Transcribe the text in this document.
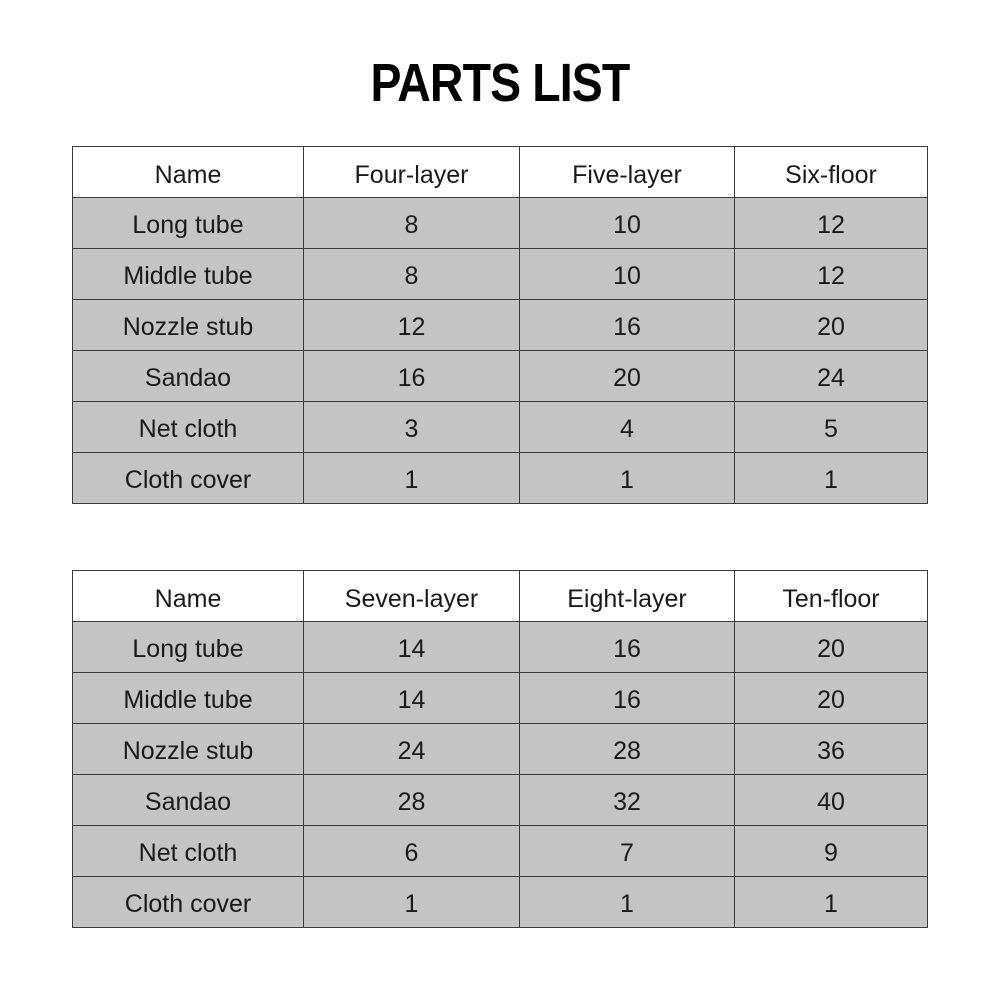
PARTS LIST
Name	Four-layer	Five-layer	Six-floor
Long tube	8	10	12
Middle tube	8	10	12
Nozzle stub	12	16	20
Sandao	16	20	24
Net cloth	3	4	5
Cloth cover	1	1	1
Name	Seven-layer	Eight-layer	Ten-floor
Long tube	14	16	20
Middle tube	14	16	20
Nozzle stub	24	28	36
Sandao	28	32	40
Net cloth	6	7	9
Cloth cover	1	1	1
